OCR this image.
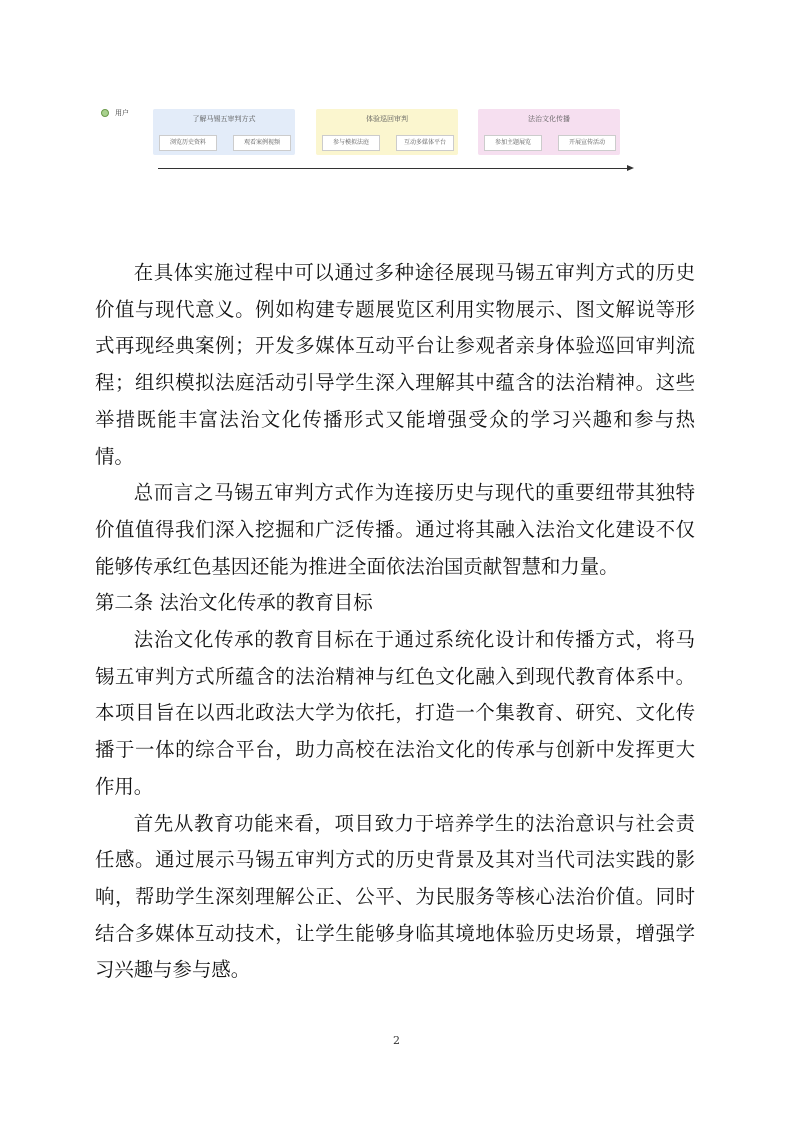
用户
了解马锡五审判方式
浏览历史资料	观看案例视频
体验巡回审判
参与模拟法庭	互动多媒体平台
法治文化传播
参加主题展览	开展宣传活动

在具体实施过程中可以通过多种途径展现马锡五审判方式的历史价值与现代意义。例如构建专题展览区利用实物展示、图文解说等形式再现经典案例；开发多媒体互动平台让参观者亲身体验巡回审判流程；组织模拟法庭活动引导学生深入理解其中蕴含的法治精神。这些举措既能丰富法治文化传播形式又能增强受众的学习兴趣和参与热情。

总而言之马锡五审判方式作为连接历史与现代的重要纽带其独特价值值得我们深入挖掘和广泛传播。通过将其融入法治文化建设不仅能够传承红色基因还能为推进全面依法治国贡献智慧和力量。

第二条 法治文化传承的教育目标

法治文化传承的教育目标在于通过系统化设计和传播方式，将马锡五审判方式所蕴含的法治精神与红色文化融入到现代教育体系中。本项目旨在以西北政法大学为依托，打造一个集教育、研究、文化传播于一体的综合平台，助力高校在法治文化的传承与创新中发挥更大作用。

首先从教育功能来看，项目致力于培养学生的法治意识与社会责任感。通过展示马锡五审判方式的历史背景及其对当代司法实践的影响，帮助学生深刻理解公正、公平、为民服务等核心法治价值。同时结合多媒体互动技术，让学生能够身临其境地体验历史场景，增强学习兴趣与参与感。

2
